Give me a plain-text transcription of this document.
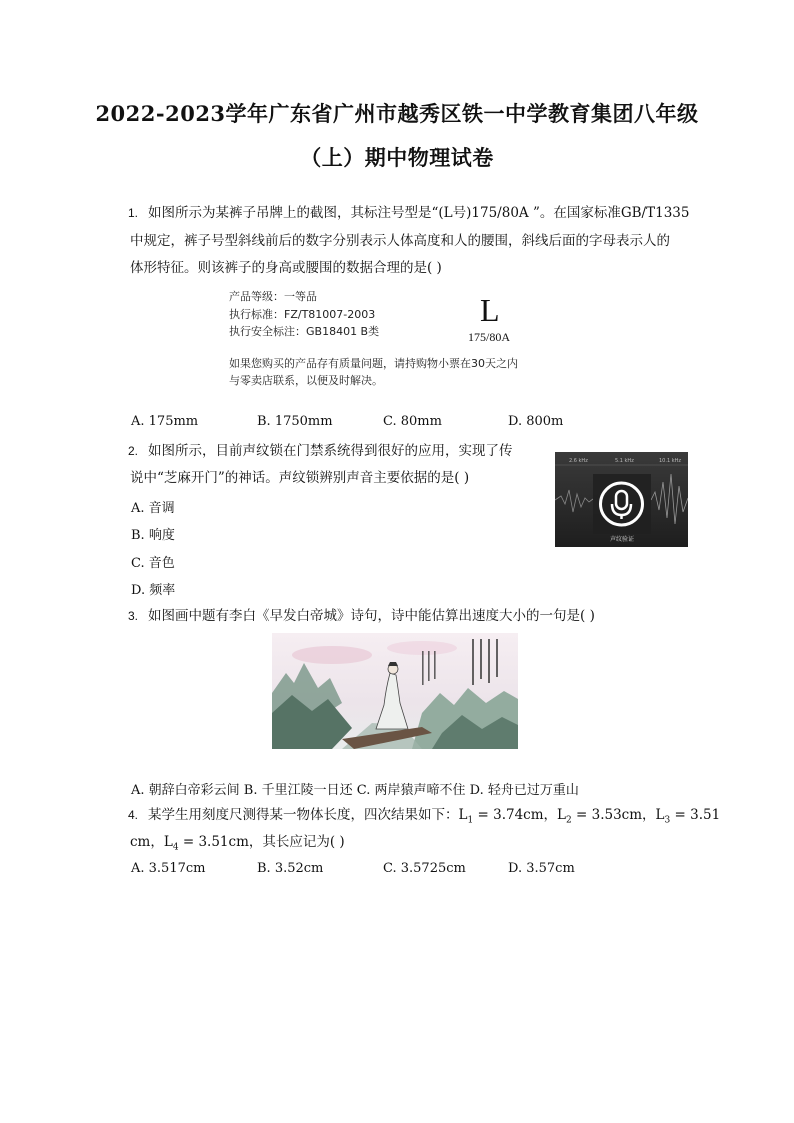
2022-2023学年广东省广州市越秀区铁一中学教育集团八年级
（上）期中物理试卷
1. 如图所示为某裤子吊牌上的截图，其标注号型是“(L号)175/80A ”。在国家标准GB/T1335
中规定，裤子号型斜线前后的数字分别表示人体高度和人的腰围，斜线后面的字母表示人的
体形特征。则该裤子的身高或腰围的数据合理的是( )
产品等级：一等品
执行标准：FZ/T81007-2003
执行安全标注：GB18401 B类
如果您购买的产品存有质量问题，请持购物小票在30天之内
与零卖店联系，以便及时解决。
L
175/80A
A. 175mm	B. 1750mm	C. 80mm	D. 800m
2. 如图所示，目前声纹锁在门禁系统得到很好的应用，实现了传
说中“芝麻开门”的神话。声纹锁辨别声音主要依据的是( )
2.6 kHz	5.1 kHz	10.1 kHz
声纹验证
A. 音调
B. 响度
C. 音色
D. 频率
3. 如图画中题有李白《早发白帝城》诗句，诗中能估算出速度大小的一句是( )
A. 朝辞白帝彩云间 B. 千里江陵一日还 C. 两岸猿声啼不住 D. 轻舟已过万重山
4. 某学生用刻度尺测得某一物体长度，四次结果如下：$L_1 = 3.74cm$，$L_2 = 3.53cm$，$L_3 = 3.51$
cm，$L_4 = 3.51cm$，其长应记为( )
A. 3.517cm	B. 3.52cm	C. 3.5725cm	D. 3.57cm
